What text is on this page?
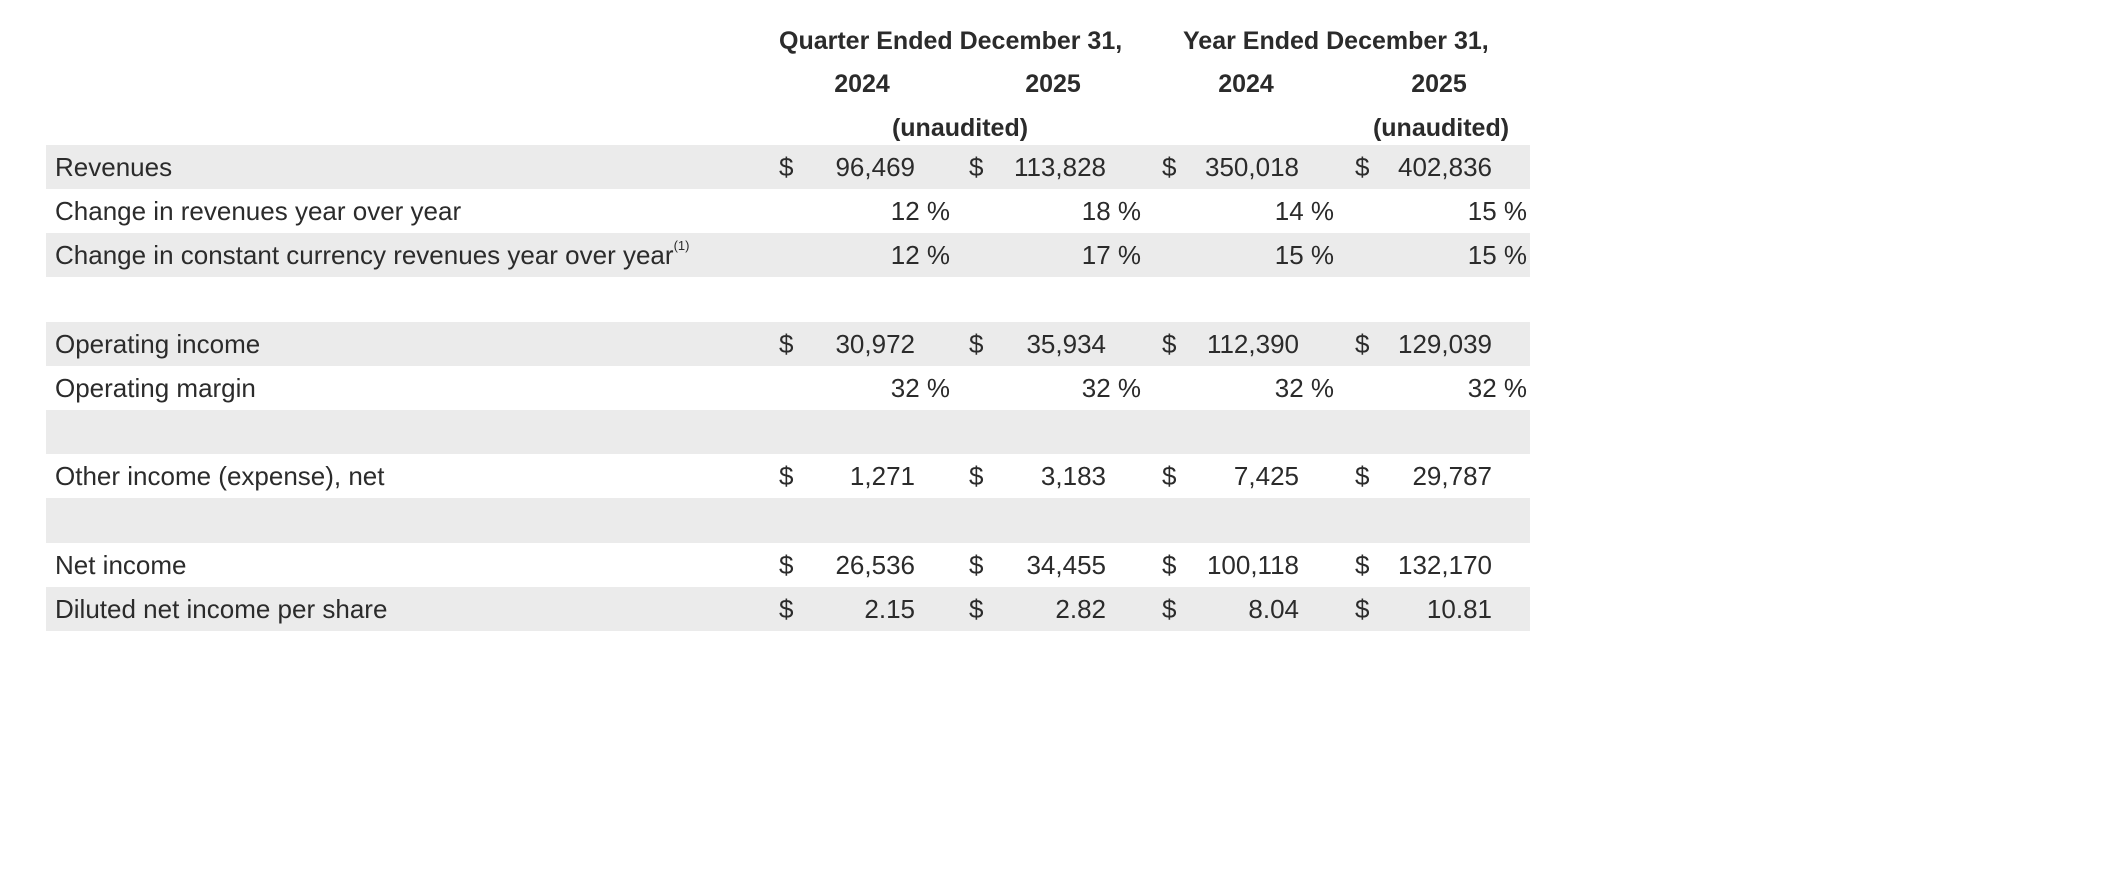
Quarter Ended December 31, Year Ended December 31,
2024	2025	2024	2025
(unaudited)	(unaudited)
Revenues	$ 96,469 $ 113,828 $ 350,018 $ 402,836
Change in revenues year over year	12 %	18 %	14 %	15 %
Change in constant currency revenues year over year$^{(1)}$	12 %	17 %	15 %	15 %
Operating income	$ 30,972 $ 35,934 $ 112,390 $ 129,039
Operating margin	32 %	32 %	32 %	32 %
Other income (expense), net	$ 1,271 $ 3,183 $ 7,425 $ 29,787
Net income	$ 26,536 $ 34,455 $ 100,118 $ 132,170
Diluted net income per share	$	2.15 $	2.82 $	8.04 $ 10.81
